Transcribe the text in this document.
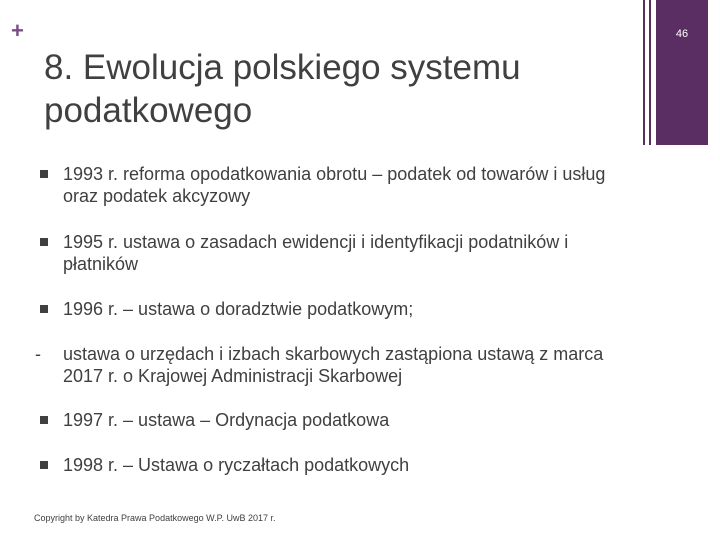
+	46
8. Ewolucja polskiego systemu podatkowego
1993 r. reforma opodatkowania obrotu – podatek od towarów i usług oraz podatek akcyzowy
1995 r. ustawa o zasadach ewidencji i identyfikacji podatników i płatników
1996 r. – ustawa o doradztwie podatkowym;
-	ustawa o urzędach i izbach skarbowych zastąpiona ustawą z marca 2017 r. o Krajowej Administracji Skarbowej
1997 r. – ustawa – Ordynacja podatkowa
1998 r. – Ustawa o ryczałtach podatkowych
Copyright by Katedra Prawa Podatkowego W.P. UwB 2017 r.
